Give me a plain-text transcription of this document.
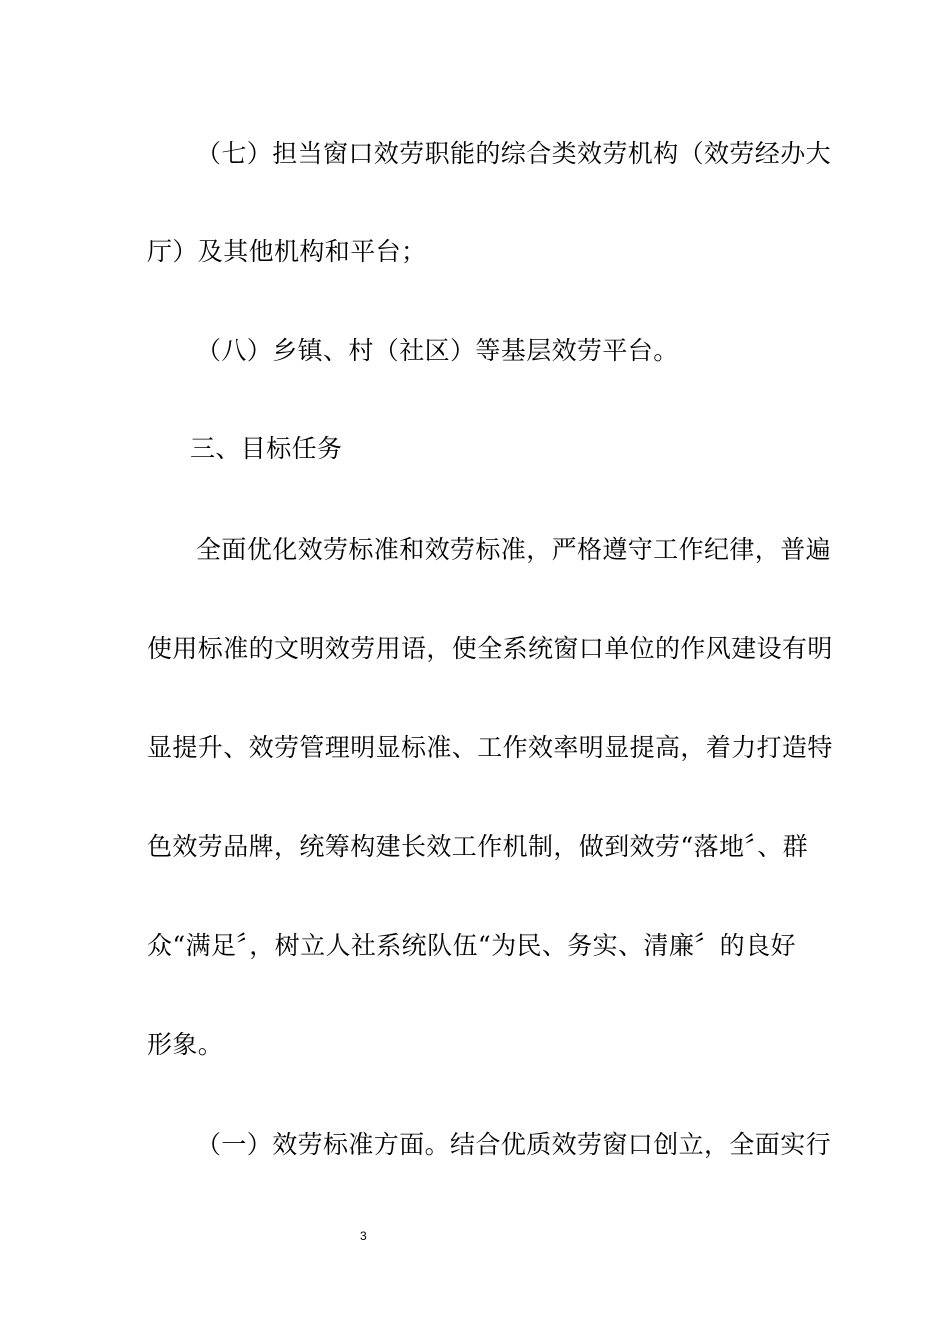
（七）担当窗口效劳职能的综合类效劳机构（效劳经办大
厅）及其他机构和平台；
（八）乡镇、村（社区）等基层效劳平台。
三、目标任务
全面优化效劳标准和效劳标准，严格遵守工作纪律，普遍
使用标准的文明效劳用语，使全系统窗口单位的作风建设有明
显提升、效劳管理明显标准、工作效率明显提高，着力打造特
色效劳品牌，统筹构建长效工作机制，做到效劳“落地〞、群
众“满足〞，树立人社系统队伍“为民、务实、清廉〞的良好
形象。
（一）效劳标准方面。结合优质效劳窗口创立，全面实行
3
